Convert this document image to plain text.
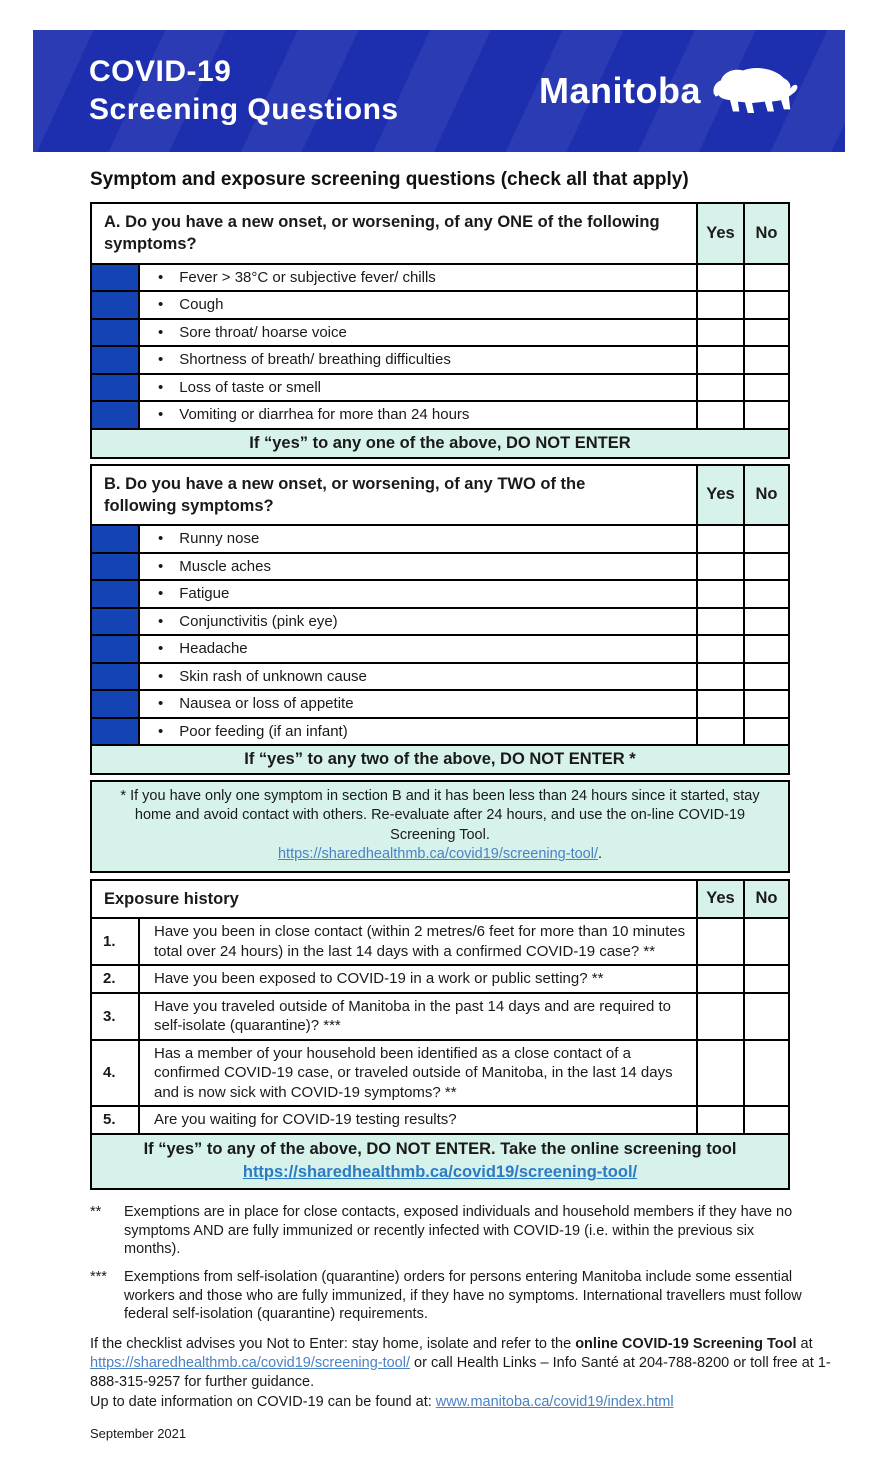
COVID-19
Screening Questions	Manitoba
Symptom and exposure screening questions (check all that apply)
A. Do you have a new onset, or worsening, of any ONE of the following symptoms?
Yes	No
• Fever > 38°C or subjective fever/ chills
• Cough
• Sore throat/ hoarse voice
• Shortness of breath/ breathing difficulties
• Loss of taste or smell
• Vomiting or diarrhea for more than 24 hours
If “yes” to any one of the above, DO NOT ENTER
B. Do you have a new onset, or worsening, of any TWO of the following symptoms?
Yes	No
• Runny nose
• Muscle aches
• Fatigue
• Conjunctivitis (pink eye)
• Headache
• Skin rash of unknown cause
• Nausea or loss of appetite
• Poor feeding (if an infant)
If “yes” to any two of the above, DO NOT ENTER *
* If you have only one symptom in section B and it has been less than 24 hours since it started, stay home and avoid contact with others. Re-evaluate after 24 hours, and use the on-line COVID-19 Screening Tool.
https://sharedhealthmb.ca/covid19/screening-tool/.
Exposure history	Yes	No
1.
Have you been in close contact (within 2 metres/6 feet for more than 10 minutes total over 24 hours) in the last 14 days with a confirmed COVID-19 case? **
2.	Have you been exposed to COVID-19 in a work or public setting? **
3.
Have you traveled outside of Manitoba in the past 14 days and are required to self-isolate (quarantine)? ***
4.
Has a member of your household been identified as a close contact of a confirmed COVID-19 case, or traveled outside of Manitoba, in the last 14 days and is now sick with COVID-19 symptoms? **
5.	Are you waiting for COVID-19 testing results?
If “yes” to any of the above, DO NOT ENTER. Take the online screening tool
https://sharedhealthmb.ca/covid19/screening-tool/
**	Exemptions are in place for close contacts, exposed individuals and household members if they have no symptoms AND are fully immunized or recently infected with COVID-19 (i.e. within the previous six months).
***	Exemptions from self-isolation (quarantine) orders for persons entering Manitoba include some essential workers and those who are fully immunized, if they have no symptoms. International travellers must follow federal self-isolation (quarantine) requirements.
If the checklist advises you Not to Enter: stay home, isolate and refer to the online COVID-19 Screening Tool at https://sharedhealthmb.ca/covid19/screening-tool/ or call Health Links – Info Santé at 204-788-8200 or toll free at 1-888-315-9257 for further guidance.
Up to date information on COVID-19 can be found at: www.manitoba.ca/covid19/index.html
September 2021
